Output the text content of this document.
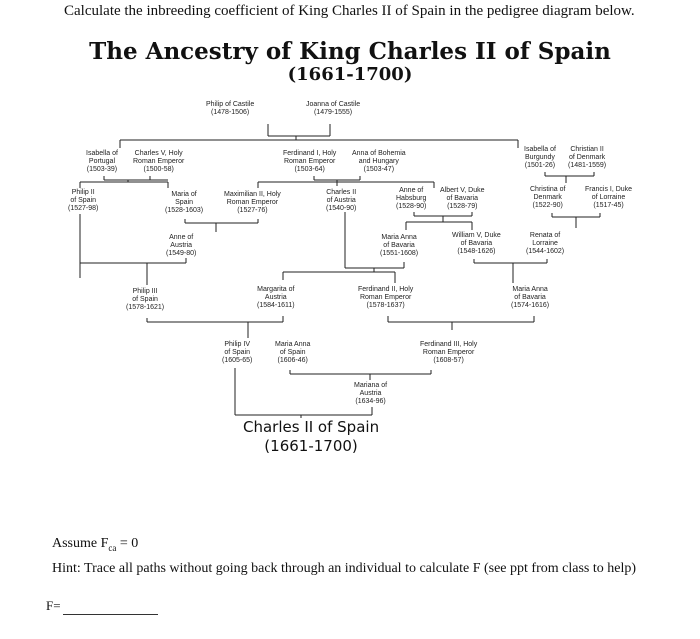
Calculate the inbreeding coefficient of King Charles II of Spain in the pedigree diagram below.
The Ancestry of King Charles II of Spain
(1661-1700)
Philip of Castile
(1478-1506)
Joanna of Castile
(1479-1555)
Isabella of
Portugal
(1503-39)
Charles V, Holy
Roman Emperor
(1500-58)
Ferdinand I, Holy
Roman Emperor
(1503-64)
Anna of Bohemia
and Hungary
(1503-47)
Isabella of
Burgundy
(1501-26)
Christian II
of Denmark
(1481-1559)
Philip II
of Spain
(1527-98)
Maria of
Spain
(1528-1603)
Maximilian II, Holy
Roman Emperor
(1527-76)
Charles II
of Austria
(1540-90)
Anne of
Habsburg
(1528-90)
Albert V, Duke
of Bavaria
(1528-79)
Christina of
Denmark
(1522-90)
Francis I, Duke
of Lorraine
(1517-45)
Anne of
Austria
(1549-80)
Maria Anna
of Bavaria
(1551-1608)
William V, Duke
of Bavaria
(1548-1626)
Renata of
Lorraine
(1544-1602)
Philip III
of Spain
(1578-1621)
Margarita of
Austria
(1584-1611)
Ferdinand II, Holy
Roman Emperor
(1578-1637)
Maria Anna
of Bavaria
(1574-1616)
Philip IV
of Spain
(1605-65)
Maria Anna
of Spain
(1606-46)
Ferdinand III, Holy
Roman Emperor
(1608-57)
Mariana of
Austria
(1634-96)
Charles II of Spain
(1661-1700)
Assume $F_{ca} = 0$
Hint: Trace all paths without going back through an individual to calculate F (see ppt from class to help)
F=
